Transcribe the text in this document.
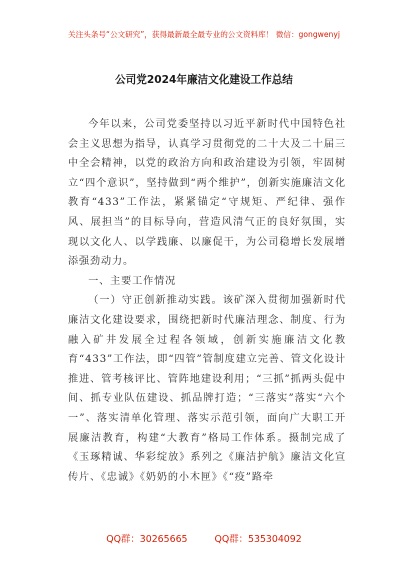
关注头条号“公文研究”，获得最新最全最专业的公文资料库！ 微信：gongwenyj
公司党2024年廉洁文化建设工作总结

今年以来，公司党委坚持以习近平新时代中国特色社会主义思想为指导，认真学习贯彻党的二十大及二十届三中全会精神，以党的政治方向和政治建设为引领，牢固树立“四个意识”，坚持做到“两个维护”，创新实施廉洁文化教育“433”工作法，紧紧锚定“守规矩、严纪律、强作风、展担当”的目标导向，营造风清气正的良好氛围，实现以文化人、以学践廉、以廉促干，为公司稳增长发展增添强劲动力。

一、主要工作情况

（一）守正创新推动实践。该矿深入贯彻加强新时代廉洁文化建设要求，围绕把新时代廉洁理念、制度、行为融入矿井发展全过程各领域，创新实施廉洁文化教育“433”工作法，即“四管”管制度建立完善、管文化设计推进、管考核评比、管阵地建设利用；“三抓”抓两头促中间、抓专业队伍建设、抓品牌打造；“三落实”落实“六个一”、落实清单化管理、落实示范引领，面向广大职工开展廉洁教育，构建“大教育”格局工作体系。摄制完成了《玉琢精诚、华彩绽放》系列之《廉洁护航》廉洁文化宣传片、《忠诚》《奶奶的小木匣》《“疫”路牵

QQ群：30265665	QQ群：535304092
